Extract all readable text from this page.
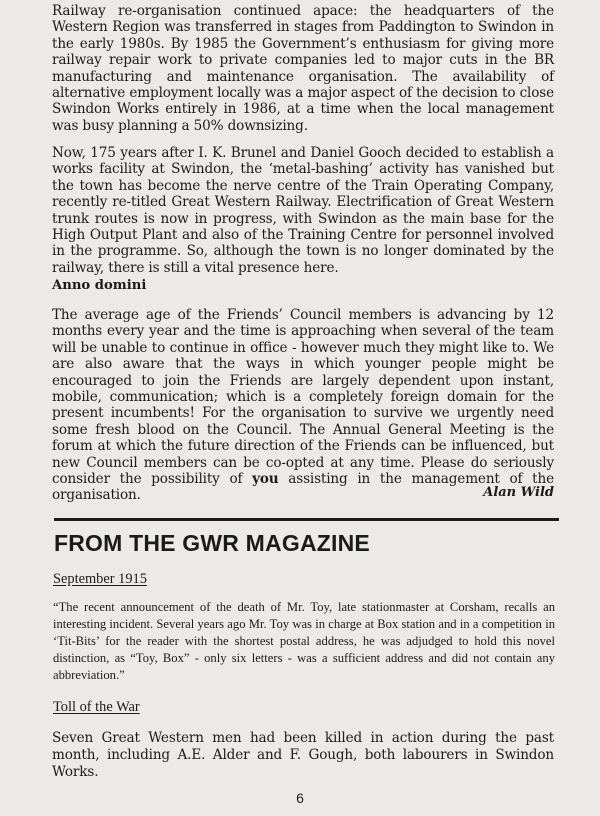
Railway re-organisation continued apace: the headquarters of the Western Region was transferred in stages from Paddington to Swindon in the early 1980s. By 1985 the Government’s enthusiasm for giving more railway repair work to private companies led to major cuts in the BR manufacturing and maintenance organisation. The availability of alternative employment locally was a major aspect of the decision to close Swindon Works entirely in 1986, at a time when the local management was busy planning a 50% downsizing.
Now, 175 years after I. K. Brunel and Daniel Gooch decided to establish a works facility at Swindon, the ‘metal-bashing’ activity has vanished but the town has become the nerve centre of the Train Operating Company, recently re-titled Great Western Railway. Electrification of Great Western trunk routes is now in progress, with Swindon as the main base for the High Output Plant and also of the Training Centre for personnel involved in the programme. So, although the town is no longer dominated by the railway, there is still a vital presence here.
Anno domini
The average age of the Friends’ Council members is advancing by 12 months every year and the time is approaching when several of the team will be unable to continue in office - however much they might like to. We are also aware that the ways in which younger people might be encouraged to join the Friends are largely dependent upon instant, mobile, communication; which is a completely foreign domain for the present incumbents! For the organisation to survive we urgently need some fresh blood on the Council. The Annual General Meeting is the forum at which the future direction of the Friends can be influenced, but new Council members can be co-opted at any time. Please do seriously consider the possibility of you assisting in the management of the organisation.	Alan Wild
FROM THE GWR MAGAZINE
September 1915
“The recent announcement of the death of Mr. Toy, late stationmaster at Corsham, recalls an interesting incident. Several years ago Mr. Toy was in charge at Box station and in a competition in ‘Tit-Bits’ for the reader with the shortest postal address, he was adjudged to hold this novel distinction, as “Toy, Box” - only six letters - was a sufficient address and did not contain any abbreviation.”
Toll of the War
Seven Great Western men had been killed in action during the past month, including A.E. Alder and F. Gough, both labourers in Swindon Works.
6
